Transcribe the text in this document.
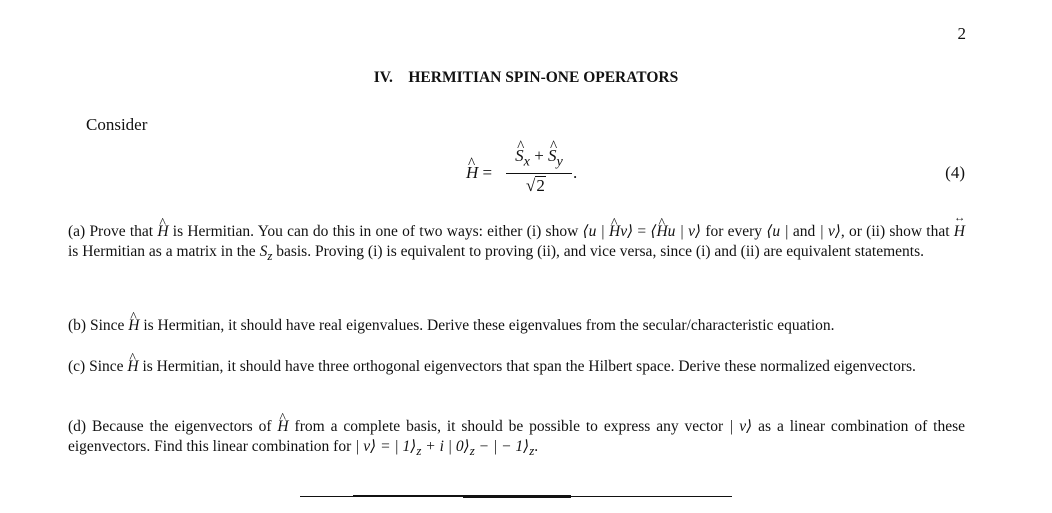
2
IV.    HERMITIAN SPIN-ONE OPERATORS
Consider
^ H =
^ $S_x$ + ^ $S_y$
√2
.	(4)
(a) Prove that ^ H is Hermitian. You can do this in one of two ways: either (i) show ⟨u | ^ Hv⟩ = ⟨^ Hu | v⟩ for every ⟨u | and | v⟩, or (ii) show that ↔ H is Hermitian as a matrix in the $S_z$ basis. Proving (i) is equivalent to proving (ii), and vice versa, since (i) and (ii) are equivalent statements.
(b) Since ^ H is Hermitian, it should have real eigenvalues. Derive these eigenvalues from the secular/characteristic equation.
(c) Since ^ H is Hermitian, it should have three orthogonal eigenvectors that span the Hilbert space. Derive these normalized eigenvectors.
(d) Because the eigenvectors of ^ H from a complete basis, it should be possible to express any vector | v⟩ as a linear combination of these eigenvectors. Find this linear combination for | v⟩ = | $1⟩_z + i$ | $0⟩_z$ − | − $1⟩_z$.
